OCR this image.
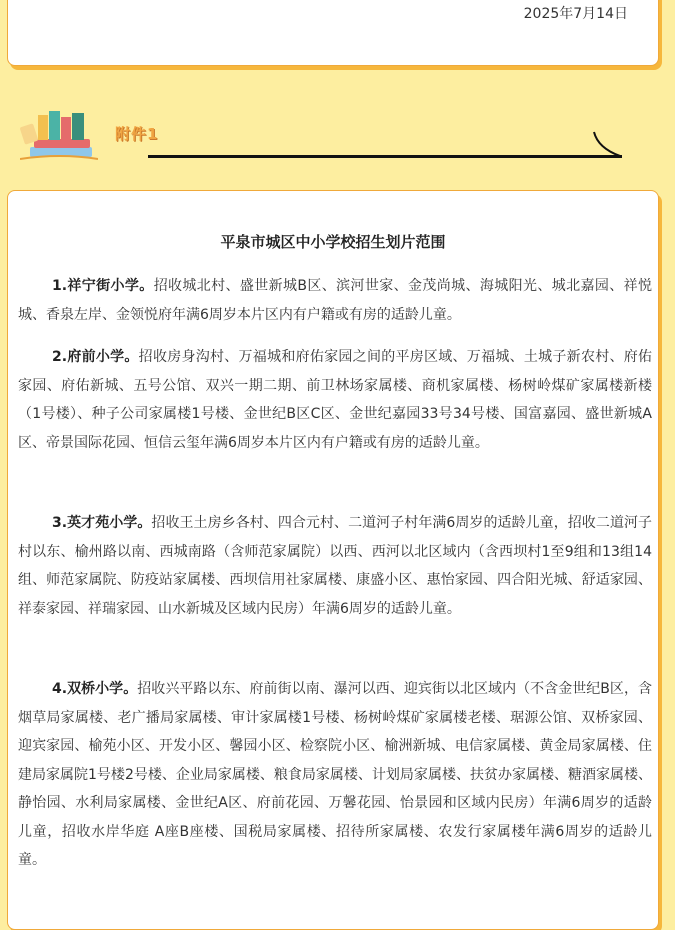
2025年7月14日
附件1
平泉市城区中小学校招生划片范围

1.祥宁街小学。招收城北村、盛世新城B区、滨河世家、金茂尚城、海城阳光、城北嘉园、祥悦城、香泉左岸、金领悦府年满6周岁本片区内有户籍或有房的适龄儿童。

2.府前小学。招收房身沟村、万福城和府佑家园之间的平房区域、万福城、土城子新农村、府佑家园、府佑新城、五号公馆、双兴一期二期、前卫林场家属楼、商机家属楼、杨树岭煤矿家属楼新楼（1号楼）、种子公司家属楼1号楼、金世纪B区C区、金世纪嘉园33号34号楼、国富嘉园、盛世新城A区、帝景国际花园、恒信云玺年满6周岁本片区内有户籍或有房的适龄儿童。

3.英才苑小学。招收王土房乡各村、四合元村、二道河子村年满6周岁的适龄儿童，招收二道河子村以东、榆州路以南、西城南路（含师范家属院）以西、西河以北区域内（含西坝村1至9组和13组14组、师范家属院、防疫站家属楼、西坝信用社家属楼、康盛小区、惠怡家园、四合阳光城、舒适家园、祥泰家园、祥瑞家园、山水新城及区域内民房）年满6周岁的适龄儿童。

4.双桥小学。招收兴平路以东、府前街以南、瀑河以西、迎宾街以北区域内（不含金世纪B区，含烟草局家属楼、老广播局家属楼、审计家属楼1号楼、杨树岭煤矿家属楼老楼、琚源公馆、双桥家园、迎宾家园、榆苑小区、开发小区、馨园小区、检察院小区、榆洲新城、电信家属楼、黄金局家属楼、住建局家属院1号楼2号楼、企业局家属楼、粮食局家属楼、计划局家属楼、扶贫办家属楼、糖酒家属楼、静怡园、水利局家属楼、金世纪A区、府前花园、万馨花园、怡景园和区域内民房）年满6周岁的适龄儿童，招收水岸华庭 A座B座楼、国税局家属楼、招待所家属楼、农发行家属楼年满6周岁的适龄儿童。
